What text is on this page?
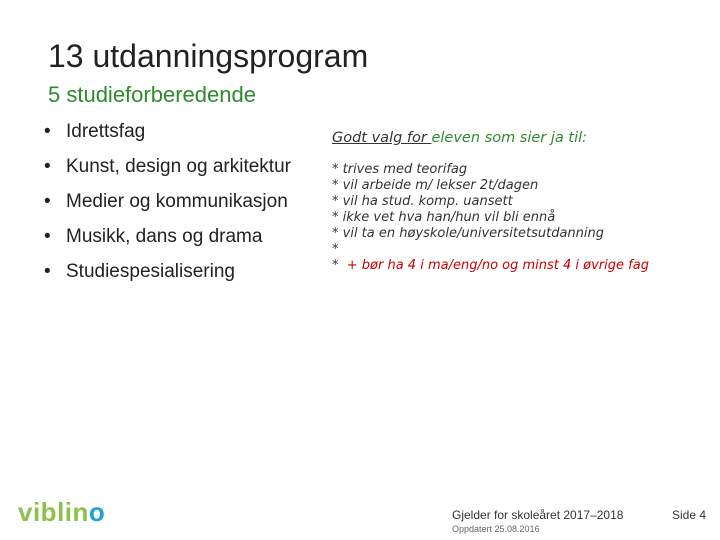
13 utdanningsprogram
5 studieforberedende
• Idrettsfag
• Kunst, design og arkitektur
• Medier og kommunikasjon
• Musikk, dans og drama
• Studiespesialisering
Godt valg for eleven som sier ja til:
* trives med teorifag
* vil arbeide m/ lekser 2t/dagen
* vil ha stud. komp. uansett
* ikke vet hva han/hun vil bli ennå
* vil ta en høyskole/universitetsutdanning
*
*  + bør ha 4 i ma/eng/no og minst 4 i øvrige fag
viblino	Gjelder for skoleåret 2017–2018
Oppdatert 25.08.2016
Side 4
